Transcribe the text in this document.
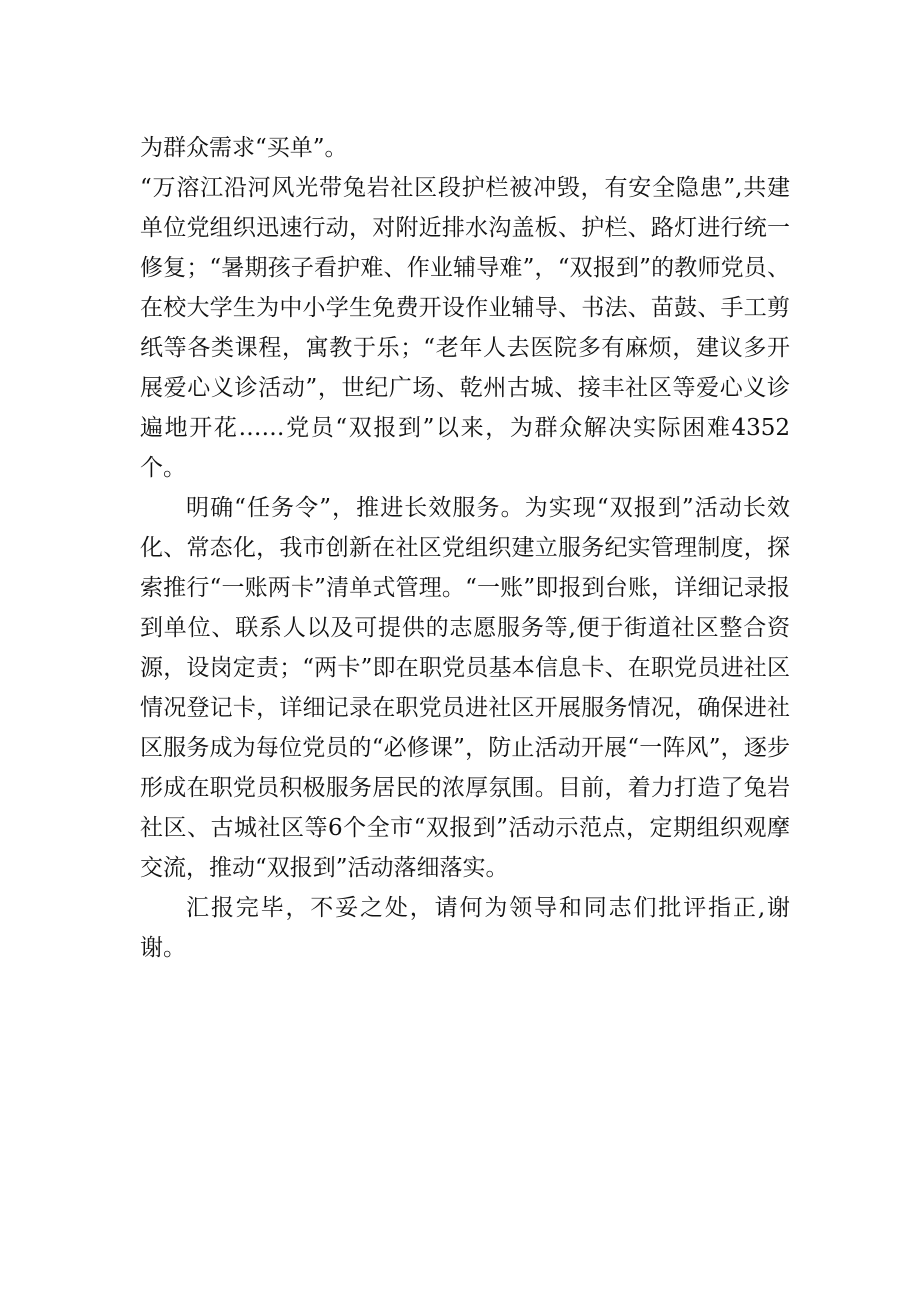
为群众需求“买单”。

“万溶江沿河风光带兔岩社区段护栏被冲毁，有安全隐患”,共建单位党组织迅速行动，对附近排水沟盖板、护栏、路灯进行统一修复；“暑期孩子看护难、作业辅导难”，“双报到”的教师党员、在校大学生为中小学生免费开设作业辅导、书法、苗鼓、手工剪纸等各类课程，寓教于乐；“老年人去医院多有麻烦，建议多开展爱心义诊活动”，世纪广场、乾州古城、接丰社区等爱心义诊遍地开花……党员“双报到”以来，为群众解决实际困难4352个。

明确“任务令”，推进长效服务。为实现“双报到”活动长效化、常态化，我市创新在社区党组织建立服务纪实管理制度，探索推行“一账两卡”清单式管理。“一账”即报到台账，详细记录报到单位、联系人以及可提供的志愿服务等,便于街道社区整合资源，设岗定责；“两卡”即在职党员基本信息卡、在职党员进社区情况登记卡，详细记录在职党员进社区开展服务情况，确保进社区服务成为每位党员的“必修课”，防止活动开展“一阵风”，逐步形成在职党员积极服务居民的浓厚氛围。目前，着力打造了兔岩社区、古城社区等6个全市“双报到”活动示范点，定期组织观摩交流，推动“双报到”活动落细落实。

汇报完毕，不妥之处，请何为领导和同志们批评指正,谢谢。
